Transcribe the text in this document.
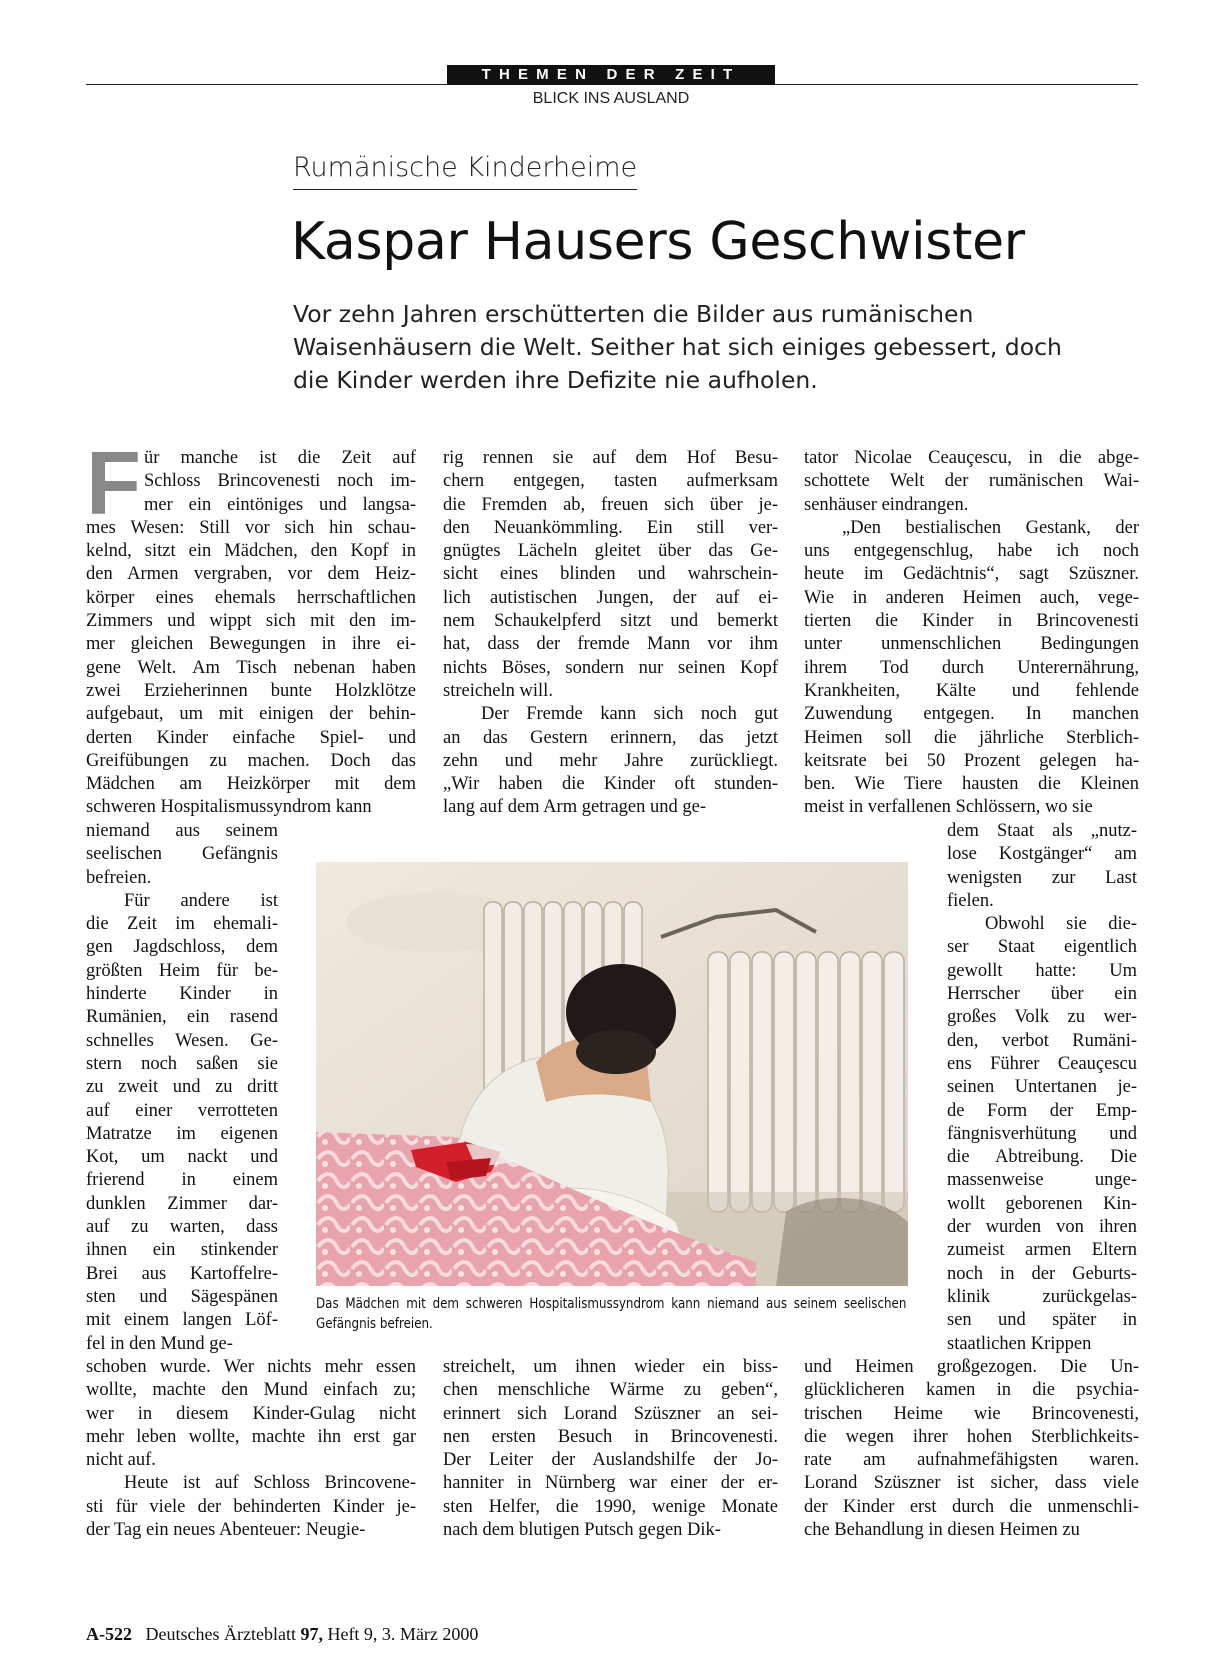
THEMEN DER ZEIT
BLICK INS AUSLAND
Rumänische Kinderheime
Kaspar Hausers Geschwister
Vor zehn Jahren erschütterten die Bilder aus rumänischen
Waisenhäusern die Welt. Seither hat sich einiges gebessert, doch
die Kinder werden ihre Defizite nie aufholen.
F ür manche ist die Zeit auf
Schloss Brincovenesti noch im-
mer ein eintöniges und langsa-
mes Wesen: Still vor sich hin schau-
kelnd, sitzt ein Mädchen, den Kopf in
den Armen vergraben, vor dem Heiz-
körper eines ehemals herrschaftlichen
Zimmers und wippt sich mit den im-
mer gleichen Bewegungen in ihre ei-
gene Welt. Am Tisch nebenan haben
zwei Erzieherinnen bunte Holzklötze
aufgebaut, um mit einigen der behin-
derten Kinder einfache Spiel- und
Greifübungen zu machen. Doch das
Mädchen am Heizkörper mit dem
schweren Hospitalismussyndrom kann
niemand aus seinem
seelischen Gefängnis
befreien.
Für andere ist
die Zeit im ehemali-
gen Jagdschloss, dem
größten Heim für be-
hinderte Kinder in
Rumänien, ein rasend
schnelles Wesen. Ge-
stern noch saßen sie
zu zweit und zu dritt
auf einer verrotteten
Matratze im eigenen
Kot, um nackt und
frierend in einem
dunklen Zimmer dar-
auf zu warten, dass
ihnen ein stinkender
Brei aus Kartoffelre-
sten und Sägespänen
mit einem langen Löf-
fel in den Mund ge-
schoben wurde. Wer nichts mehr essen
wollte, machte den Mund einfach zu;
wer in diesem Kinder-Gulag nicht
mehr leben wollte, machte ihn erst gar
nicht auf.
Heute ist auf Schloss Brincovene-
sti für viele der behinderten Kinder je-
der Tag ein neues Abenteuer: Neugie-
rig rennen sie auf dem Hof Besu-
chern entgegen, tasten aufmerksam
die Fremden ab, freuen sich über je-
den Neuankömmling. Ein still ver-
gnügtes Lächeln gleitet über das Ge-
sicht eines blinden und wahrschein-
lich autistischen Jungen, der auf ei-
nem Schaukelpferd sitzt und bemerkt
hat, dass der fremde Mann vor ihm
nichts Böses, sondern nur seinen Kopf
streicheln will.
Der Fremde kann sich noch gut
an das Gestern erinnern, das jetzt
zehn und mehr Jahre zurückliegt.
„Wir haben die Kinder oft stunden-
lang auf dem Arm getragen und ge-
streichelt, um ihnen wieder ein biss-
chen menschliche Wärme zu geben“,
erinnert sich Lorand Szüszner an sei-
nen ersten Besuch in Brincovenesti.
Der Leiter der Auslandshilfe der Jo-
hanniter in Nürnberg war einer der er-
sten Helfer, die 1990, wenige Monate
nach dem blutigen Putsch gegen Dik-
tator Nicolae Ceauçescu, in die abge-
schottete Welt der rumänischen Wai-
senhäuser eindrangen.
„Den bestialischen Gestank, der
uns entgegenschlug, habe ich noch
heute im Gedächtnis“, sagt Szüszner.
Wie in anderen Heimen auch, vege-
tierten die Kinder in Brincovenesti
unter unmenschlichen Bedingungen
ihrem Tod durch Unterernährung,
Krankheiten, Kälte und fehlende
Zuwendung entgegen. In manchen
Heimen soll die jährliche Sterblich-
keitsrate bei 50 Prozent gelegen ha-
ben. Wie Tiere hausten die Kleinen
meist in verfallenen Schlössern, wo sie
dem Staat als „nutz-
lose Kostgänger“ am
wenigsten zur Last
fielen.
Obwohl sie die-
ser Staat eigentlich
gewollt hatte: Um
Herrscher über ein
großes Volk zu wer-
den, verbot Rumäni-
ens Führer Ceauçescu
seinen Untertanen je-
de Form der Emp-
fängnisverhütung und
die Abtreibung. Die
massenweise unge-
wollt geborenen Kin-
der wurden von ihren
zumeist armen Eltern
noch in der Geburts-
klinik zurückgelas-
sen und später in
staatlichen Krippen
und Heimen großgezogen. Die Un-
glücklicheren kamen in die psychia-
trischen Heime wie Brincovenesti,
die wegen ihrer hohen Sterblichkeits-
rate am aufnahmefähigsten waren.
Lorand Szüszner ist sicher, dass viele
der Kinder erst durch die unmenschli-
che Behandlung in diesen Heimen zu
Das Mädchen mit dem schweren Hospitalismussyndrom kann niemand aus seinem seelischen
Gefängnis befreien.
A-522 Deutsches Ärzteblatt 97, Heft 9, 3. März 2000
